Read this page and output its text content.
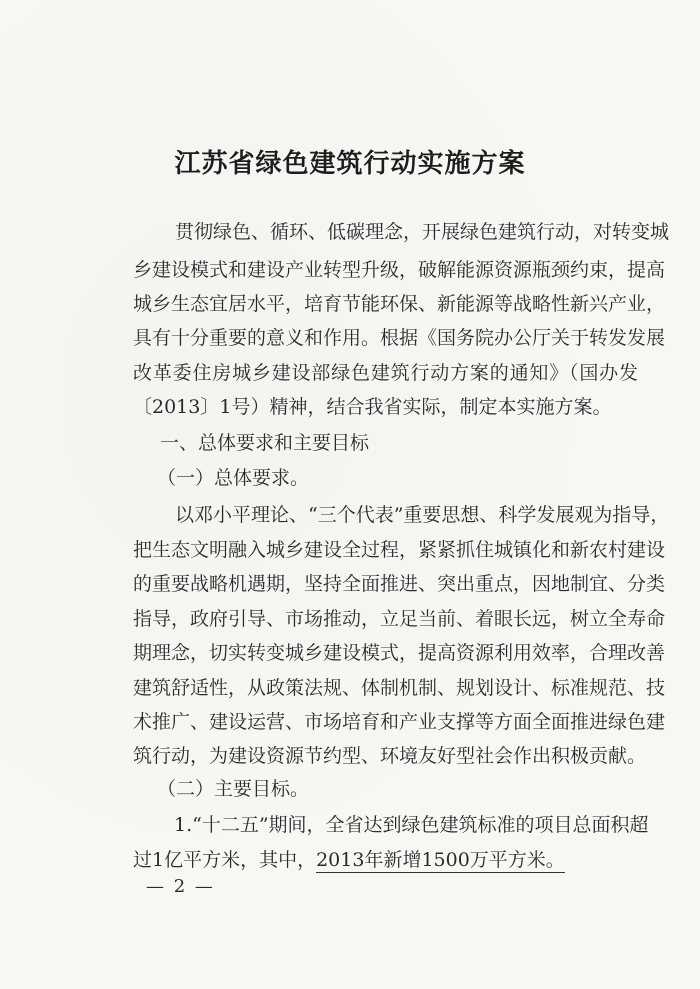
江苏省绿色建筑行动实施方案
贯彻绿色、循环、低碳理念，开展绿色建筑行动，对转变城
乡建设模式和建设产业转型升级，破解能源资源瓶颈约束，提高
城乡生态宜居水平，培育节能环保、新能源等战略性新兴产业，
具有十分重要的意义和作用。根据《国务院办公厅关于转发发展
改革委住房城乡建设部绿色建筑行动方案的通知》（国办发
〔2013〕1号）精神，结合我省实际，制定本实施方案。
一、总体要求和主要目标
（一）总体要求。
以邓小平理论、“三个代表”重要思想、科学发展观为指导，
把生态文明融入城乡建设全过程，紧紧抓住城镇化和新农村建设
的重要战略机遇期，坚持全面推进、突出重点，因地制宜、分类
指导，政府引导、市场推动，立足当前、着眼长远，树立全寿命
期理念，切实转变城乡建设模式，提高资源利用效率，合理改善
建筑舒适性，从政策法规、体制机制、规划设计、标准规范、技
术推广、建设运营、市场培育和产业支撑等方面全面推进绿色建
筑行动，为建设资源节约型、环境友好型社会作出积极贡献。
（二）主要目标。
1.“十二五”期间，全省达到绿色建筑标准的项目总面积超
过1亿平方米，其中，2013年新增1500万平方米。
— 2 —
